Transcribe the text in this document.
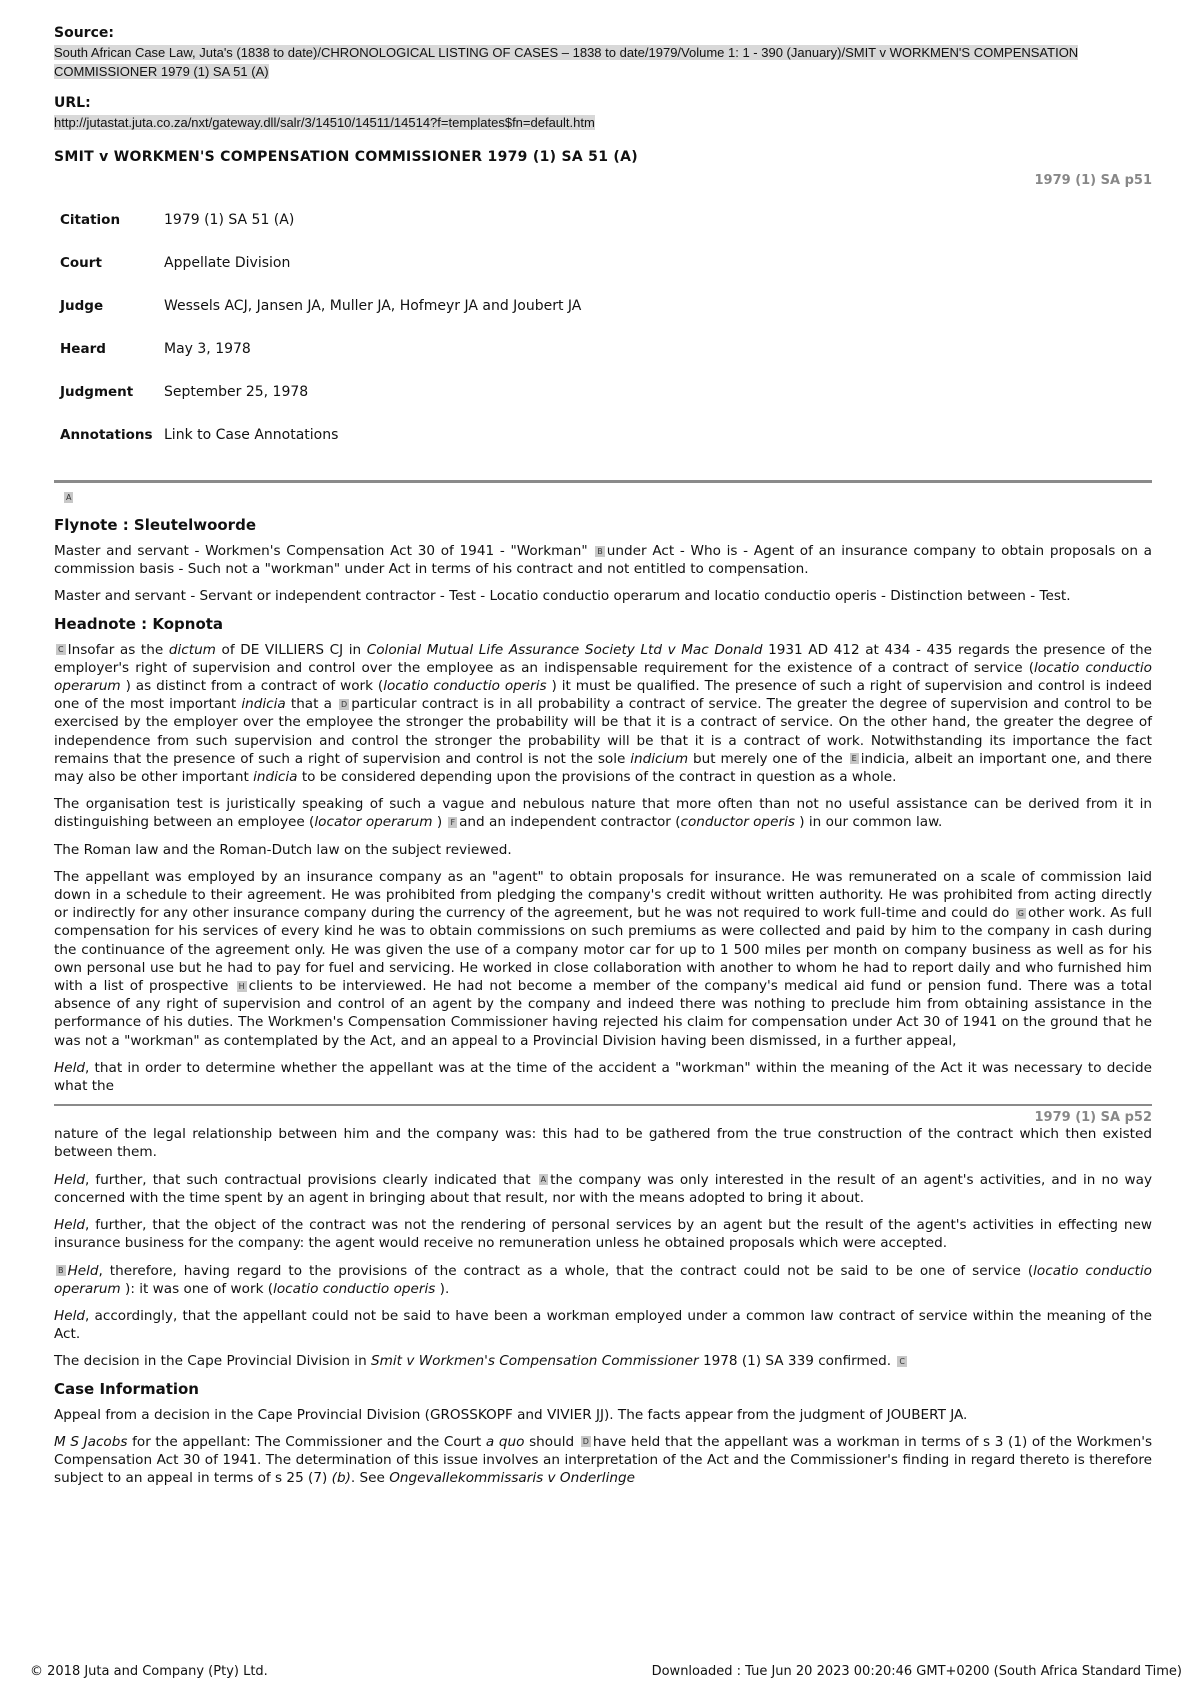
Source:
South African Case Law, Juta's (1838 to date)/CHRONOLOGICAL LISTING OF CASES – 1838 to date/1979/Volume 1: 1 - 390 (January)/SMIT v WORKMEN'S COMPENSATION COMMISSIONER 1979 (1) SA 51 (A)
URL:
http://jutastat.juta.co.za/nxt/gateway.dll/salr/3/14510/14511/14514?f=templates$fn=default.htm
SMIT v WORKMEN'S COMPENSATION COMMISSIONER 1979 (1) SA 51 (A)
1979 (1) SA p51
Citation	1979 (1) SA 51 (A)
Court	Appellate Division
Judge	Wessels ACJ, Jansen JA, Muller JA, Hofmeyr JA and Joubert JA
Heard	May 3, 1978
Judgment	September 25, 1978
Annotations	Link to Case Annotations
A
Flynote : Sleutelwoorde

Master and servant - Workmen's Compensation Act 30 of 1941 - "Workman" B under Act - Who is - Agent of an insurance company to obtain proposals on a commission basis - Such not a "workman" under Act in terms of his contract and not entitled to compensation.

Master and servant - Servant or independent contractor - Test - Locatio conductio operarum and locatio conductio operis - Distinction between - Test.

Headnote : Kopnota

C Insofar as the dictum of DE VILLIERS CJ in Colonial Mutual Life Assurance Society Ltd v Mac Donald 1931 AD 412 at 434 - 435 regards the presence of the employer's right of supervision and control over the employee as an indispensable requirement for the existence of a contract of service (locatio conductio operarum ) as distinct from a contract of work (locatio conductio operis ) it must be qualified. The presence of such a right of supervision and control is indeed one of the most important indicia that a D particular contract is in all probability a contract of service. The greater the degree of supervision and control to be exercised by the employer over the employee the stronger the probability will be that it is a contract of service. On the other hand, the greater the degree of independence from such supervision and control the stronger the probability will be that it is a contract of work. Notwithstanding its importance the fact remains that the presence of such a right of supervision and control is not the sole indicium but merely one of the E indicia, albeit an important one, and there may also be other important indicia to be considered depending upon the provisions of the contract in question as a whole.

The organisation test is juristically speaking of such a vague and nebulous nature that more often than not no useful assistance can be derived from it in distinguishing between an employee (locator operarum ) F and an independent contractor (conductor operis ) in our common law.

The Roman law and the Roman-Dutch law on the subject reviewed.

The appellant was employed by an insurance company as an "agent" to obtain proposals for insurance. He was remunerated on a scale of commission laid down in a schedule to their agreement. He was prohibited from pledging the company's credit without written authority. He was prohibited from acting directly or indirectly for any other insurance company during the currency of the agreement, but he was not required to work full-time and could do G other work. As full compensation for his services of every kind he was to obtain commissions on such premiums as were collected and paid by him to the company in cash during the continuance of the agreement only. He was given the use of a company motor car for up to 1 500 miles per month on company business as well as for his own personal use but he had to pay for fuel and servicing. He worked in close collaboration with another to whom he had to report daily and who furnished him with a list of prospective H clients to be interviewed. He had not become a member of the company's medical aid fund or pension fund. There was a total absence of any right of supervision and control of an agent by the company and indeed there was nothing to preclude him from obtaining assistance in the performance of his duties. The Workmen's Compensation Commissioner having rejected his claim for compensation under Act 30 of 1941 on the ground that he was not a "workman" as contemplated by the Act, and an appeal to a Provincial Division having been dismissed, in a further appeal,

Held, that in order to determine whether the appellant was at the time of the accident a "workman" within the meaning of the Act it was necessary to decide what the

1979 (1) SA p52

nature of the legal relationship between him and the company was: this had to be gathered from the true construction of the contract which then existed between them.

Held, further, that such contractual provisions clearly indicated that A the company was only interested in the result of an agent's activities, and in no way concerned with the time spent by an agent in bringing about that result, nor with the means adopted to bring it about.

Held, further, that the object of the contract was not the rendering of personal services by an agent but the result of the agent's activities in effecting new insurance business for the company: the agent would receive no remuneration unless he obtained proposals which were accepted.

B Held, therefore, having regard to the provisions of the contract as a whole, that the contract could not be said to be one of service (locatio conductio operarum ): it was one of work (locatio conductio operis ).

Held, accordingly, that the appellant could not be said to have been a workman employed under a common law contract of service within the meaning of the Act.

The decision in the Cape Provincial Division in Smit v Workmen's Compensation Commissioner 1978 (1) SA 339 confirmed. C

Case Information

Appeal from a decision in the Cape Provincial Division (GROSSKOPF and VIVIER JJ). The facts appear from the judgment of JOUBERT JA.

M S Jacobs for the appellant: The Commissioner and the Court a quo should D have held that the appellant was a workman in terms of s 3 (1) of the Workmen's Compensation Act 30 of 1941. The determination of this issue involves an interpretation of the Act and the Commissioner's finding in regard thereto is therefore subject to an appeal in terms of s 25 (7) (b). See Ongevallekommissaris v Onderlinge

© 2018 Juta and Company (Pty) Ltd.	Downloaded : Tue Jun 20 2023 00:20:46 GMT+0200 (South Africa Standard Time)
